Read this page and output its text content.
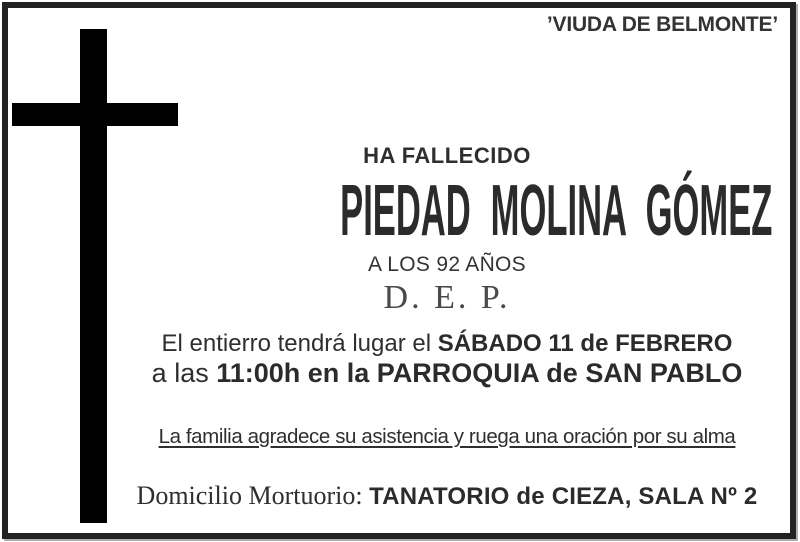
’VIUDA DE BELMONTE’
HA FALLECIDO
PIEDAD MOLINA GÓMEZ
A LOS 92 AÑOS
D. E. P.
El entierro tendrá lugar el SÁBADO 11 de FEBRERO
a las 11:00h en la PARROQUIA de SAN PABLO
La familia agradece su asistencia y ruega una oración por su alma
Domicilio Mortuorio: TANATORIO de CIEZA, SALA Nº 2
